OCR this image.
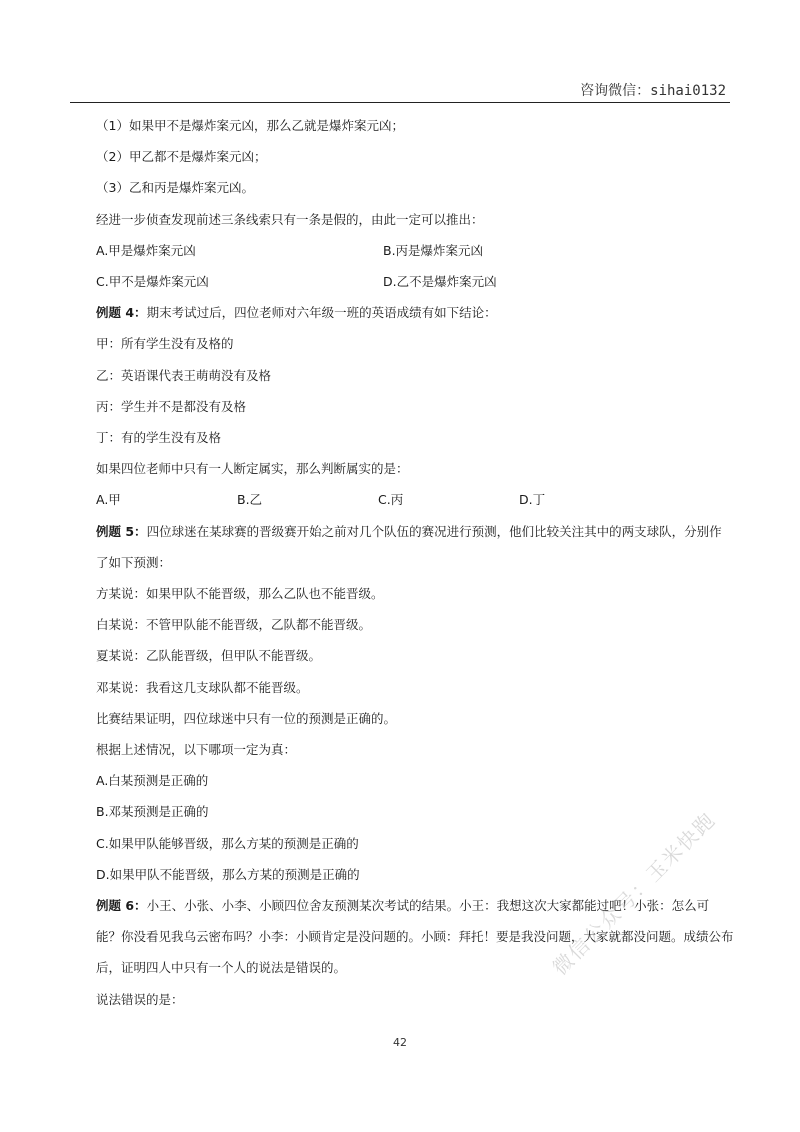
咨询微信：sihai0132

（1）如果甲不是爆炸案元凶，那么乙就是爆炸案元凶；

（2）甲乙都不是爆炸案元凶；

（3）乙和丙是爆炸案元凶。

经进一步侦查发现前述三条线索只有一条是假的，由此一定可以推出：

A.甲是爆炸案元凶	B.丙是爆炸案元凶
C.甲不是爆炸案元凶	D.乙不是爆炸案元凶

例题 4：期末考试过后，四位老师对六年级一班的英语成绩有如下结论：

甲：所有学生没有及格的

乙：英语课代表王萌萌没有及格

丙：学生并不是都没有及格

丁：有的学生没有及格

如果四位老师中只有一人断定属实，那么判断属实的是：

A.甲	B.乙	C.丙	D.丁

例题 5：四位球迷在某球赛的晋级赛开始之前对几个队伍的赛况进行预测，他们比较关注其中的两支球队，分别作了如下预测：

方某说：如果甲队不能晋级，那么乙队也不能晋级。

白某说：不管甲队能不能晋级，乙队都不能晋级。

夏某说：乙队能晋级，但甲队不能晋级。

邓某说：我看这几支球队都不能晋级。

比赛结果证明，四位球迷中只有一位的预测是正确的。

根据上述情况，以下哪项一定为真：

A.白某预测是正确的

B.邓某预测是正确的

C.如果甲队能够晋级，那么方某的预测是正确的

D.如果甲队不能晋级，那么方某的预测是正确的

例题 6：小王、小张、小李、小顾四位舍友预测某次考试的结果。小王：我想这次大家都能过吧！小张：怎么可能？你没看见我乌云密布吗？小李：小顾肯定是没问题的。小顾：拜托！要是我没问题，大家就都没问题。成绩公布后，证明四人中只有一个人的说法是错误的。

说法错误的是：

42
微信公众号：玉米快跑
